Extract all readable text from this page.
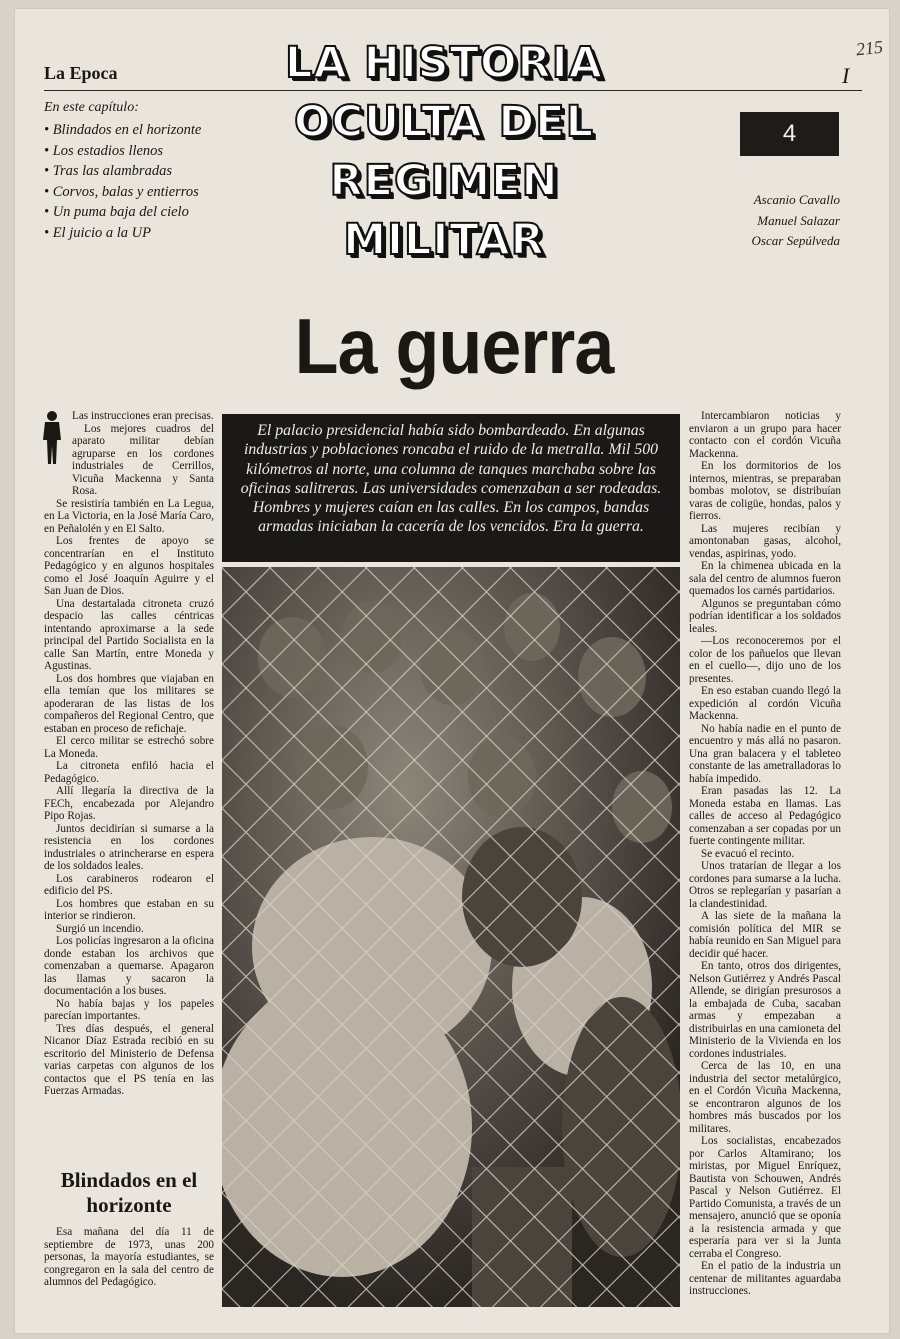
La Epoca	I
215
En este capítulo:
• Blindados en el horizonte
• Los estadios llenos
• Tras las alambradas
• Corvos, balas y entierros
• Un puma baja del cielo
• El juicio a la UP
LA HISTORIA
OCULTA DEL
REGIMEN
MILITAR
4
Ascanio Cavallo
Manuel Salazar
Oscar Sepúlveda
La guerra

Las instrucciones eran precisas.

Los mejores cuadros del aparato militar debían agruparse en los cordones industriales de Cerrillos, Vicuña Mackenna y Santa Rosa.

Se resistiría también en La Legua, en La Victoria, en la José María Caro, en Peñalolén y en El Salto.

Los frentes de apoyo se concentrarían en el Instituto Pedagógico y en algunos hospitales como el José Joaquín Aguirre y el San Juan de Dios.

Una destartalada citroneta cruzó despacio las calles céntricas intentando aproximarse a la sede principal del Partido Socialista en la calle San Martín, entre Moneda y Agustinas.

Los dos hombres que viajaban en ella temían que los militares se apoderaran de las listas de los compañeros del Regional Centro, que estaban en proceso de refichaje.

El cerco militar se estrechó sobre La Moneda.

La citroneta enfiló hacia el Pedagógico.

Allí llegaría la directiva de la FECh, encabezada por Alejandro Pipo Rojas.

Juntos decidirían si sumarse a la resistencia en los cordones industriales o atrincherarse en espera de los soldados leales.

Los carabineros rodearon el edificio del PS.

Los hombres que estaban en su interior se rindieron.

Surgió un incendio.

Los policías ingresaron a la oficina donde estaban los archivos que comenzaban a quemarse. Apagaron las llamas y sacaron la documentación a los buses.

No había bajas y los papeles parecían importantes.

Tres días después, el general Nicanor Díaz Estrada recibió en su escritorio del Ministerio de Defensa varias carpetas con algunos de los contactos que el PS tenía en las Fuerzas Armadas.

Blindados en el horizonte

Esa mañana del día 11 de septiembre de 1973, unas 200 personas, la mayoría estudiantes, se congregaron en la sala del centro de alumnos del Pedagógico.

El palacio presidencial había sido bombardeado. En algunas industrias y poblaciones roncaba el ruido de la metralla. Mil 500 kilómetros al norte, una columna de tanques marchaba sobre las oficinas salitreras. Las universidades comenzaban a ser rodeadas. Hombres y mujeres caían en las calles. En los campos, bandas armadas iniciaban la cacería de los vencidos. Era la guerra.

Intercambiaron noticias y enviaron a un grupo para hacer contacto con el cordón Vicuña Mackenna.

En los dormitorios de los internos, mientras, se preparaban bombas molotov, se distribuían varas de coligüe, hondas, palos y fierros.

Las mujeres recibían y amontonaban gasas, alcohol, vendas, aspirinas, yodo.

En la chimenea ubicada en la sala del centro de alumnos fueron quemados los carnés partidarios.

Algunos se preguntaban cómo podrían identificar a los soldados leales.

—Los reconoceremos por el color de los pañuelos que llevan en el cuello—, dijo uno de los presentes.

En eso estaban cuando llegó la expedición al cordón Vicuña Mackenna.

No había nadie en el punto de encuentro y más allá no pasaron. Una gran balacera y el tableteo constante de las ametralladoras lo había impedido.

Eran pasadas las 12. La Moneda estaba en llamas. Las calles de acceso al Pedagógico comenzaban a ser copadas por un fuerte contingente militar.

Se evacuó el recinto.

Unos tratarían de llegar a los cordones para sumarse a la lucha. Otros se replegarían y pasarían a la clandestinidad.

A las siete de la mañana la comisión política del MIR se había reunido en San Miguel para decidir qué hacer.

En tanto, otros dos dirigentes, Nelson Gutiérrez y Andrés Pascal Allende, se dirigían presurosos a la embajada de Cuba, sacaban armas y empezaban a distribuirlas en una camioneta del Ministerio de la Vivienda en los cordones industriales.

Cerca de las 10, en una industria del sector metalúrgico, en el Cordón Vicuña Mackenna, se encontraron algunos de los hombres más buscados por los militares.

Los socialistas, encabezados por Carlos Altamirano; los miristas, por Miguel Enríquez, Bautista von Schouwen, Andrés Pascal y Nelson Gutiérrez. El Partido Comunista, a través de un mensajero, anunció que se oponía a la resistencia armada y que esperaría para ver si la Junta cerraba el Congreso.

En el patio de la industria un centenar de militantes aguardaba instrucciones.
